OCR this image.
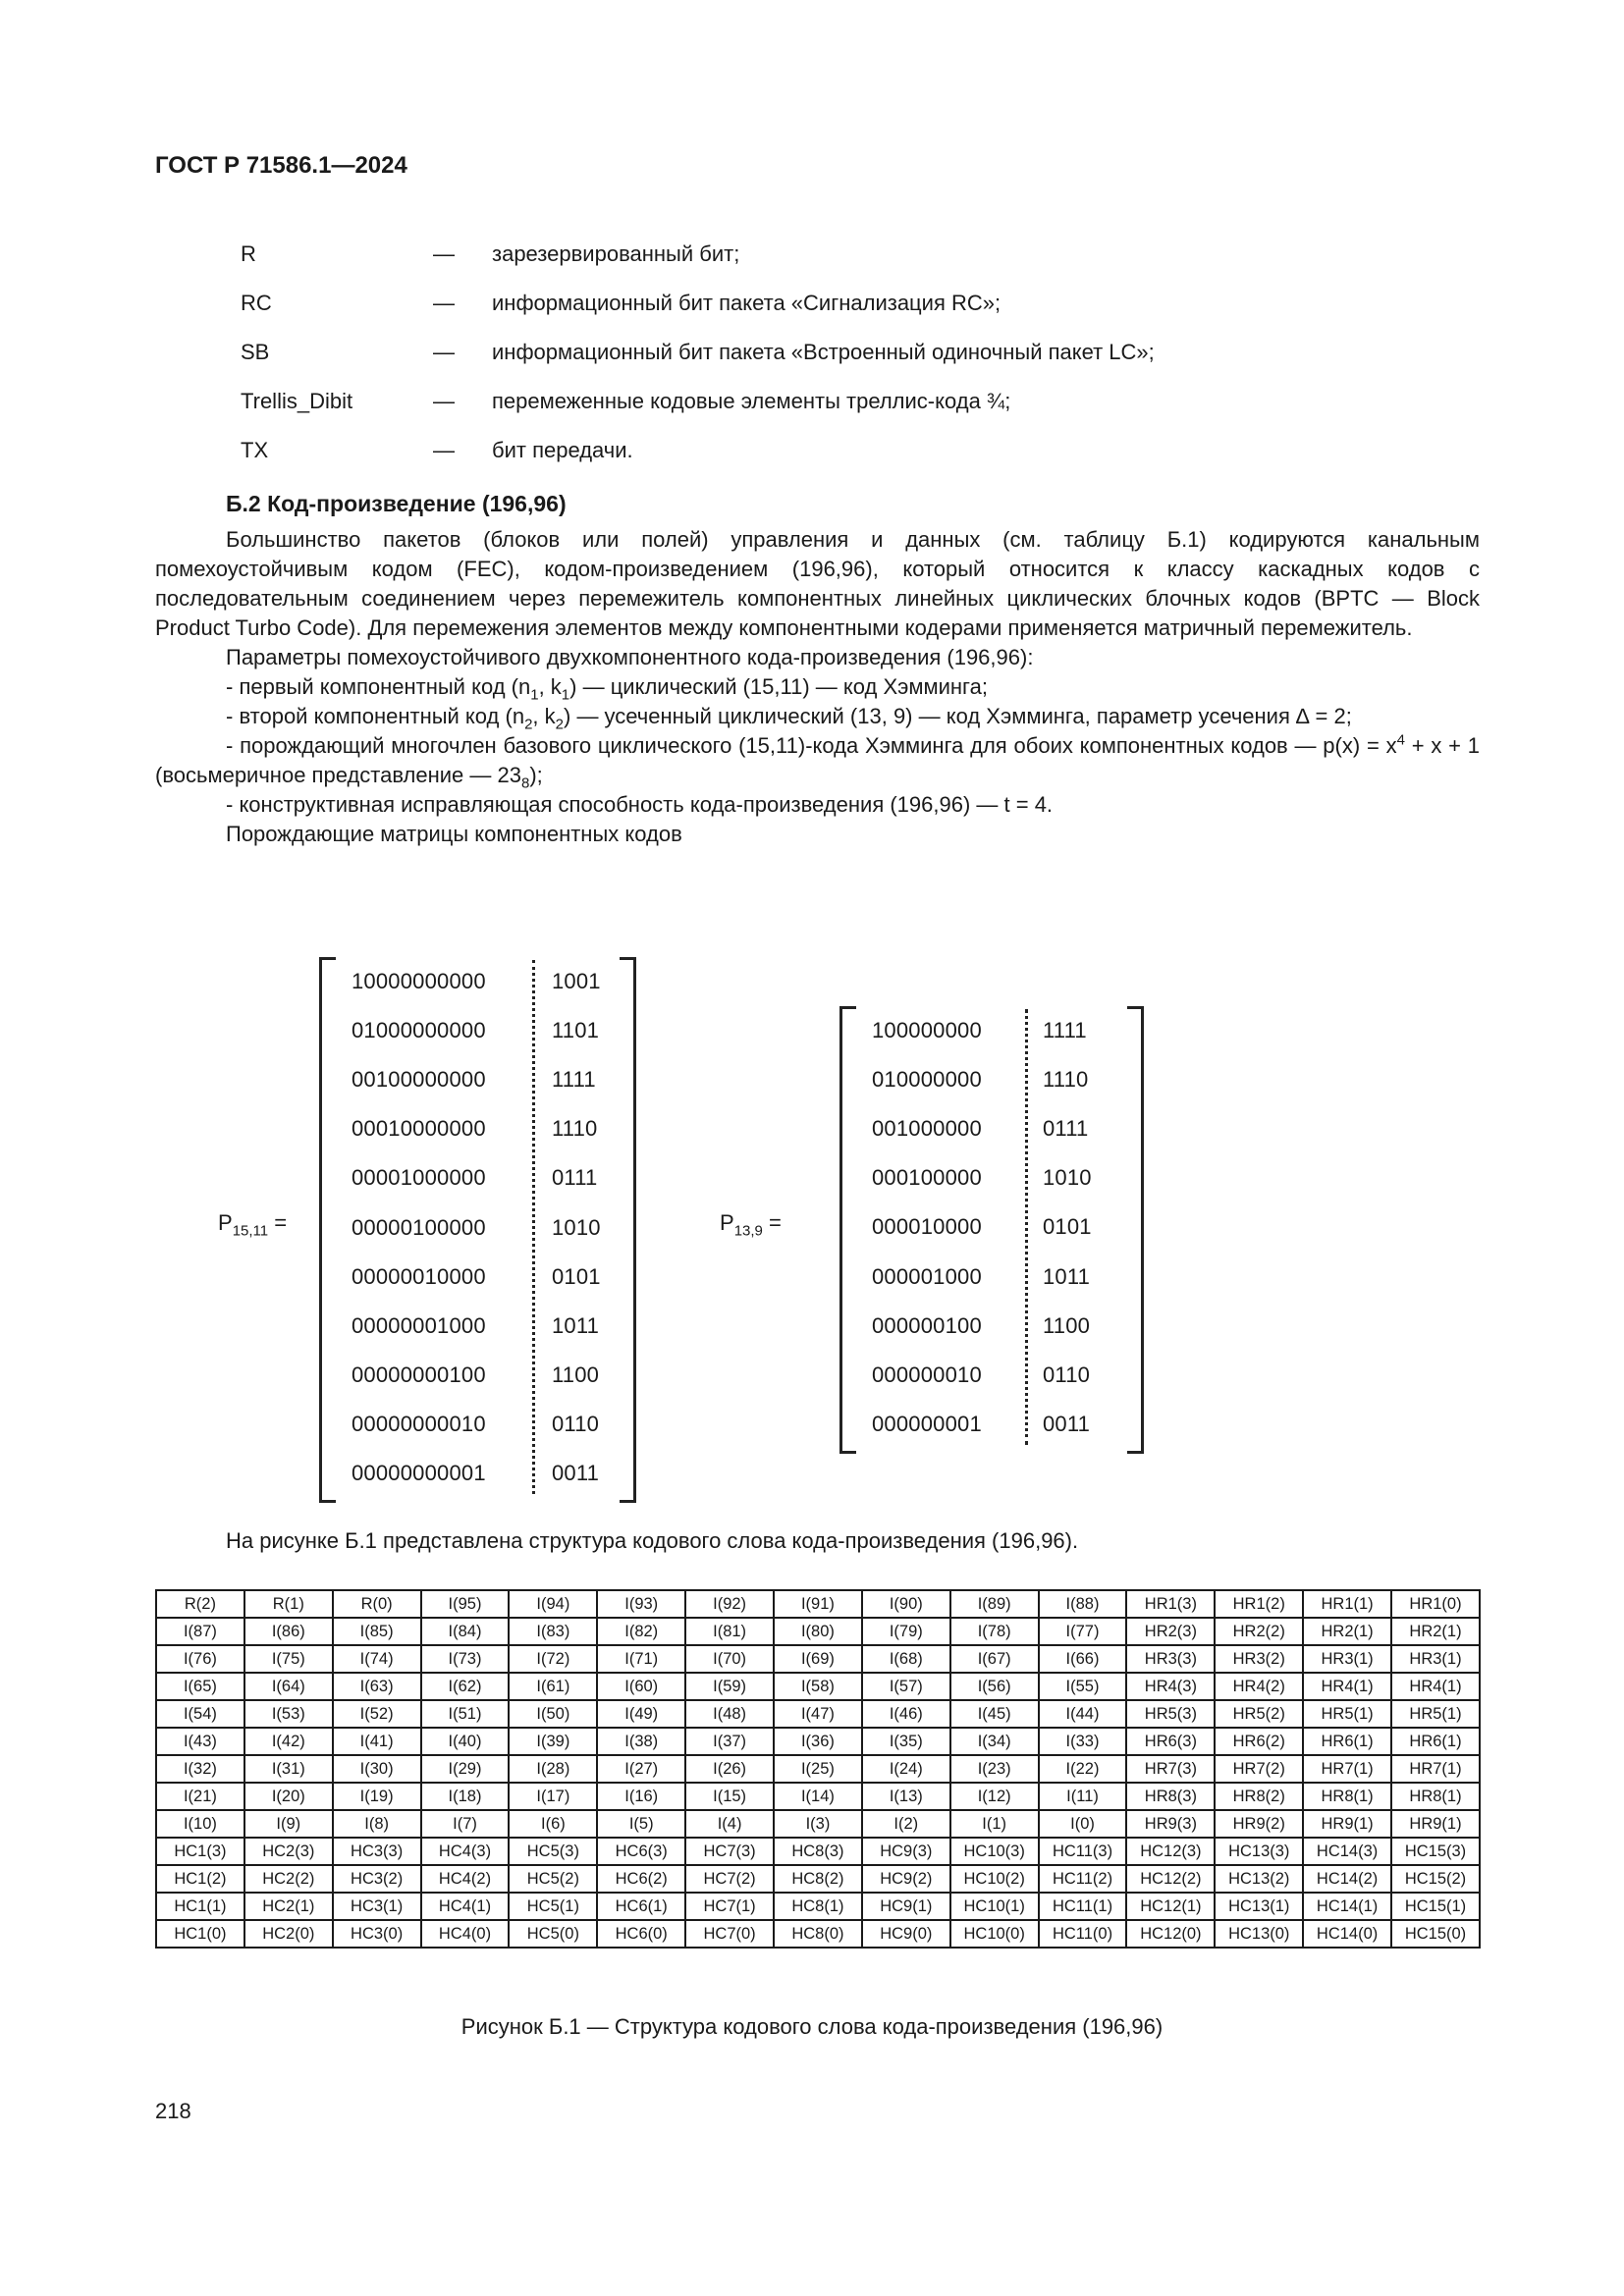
ГОСТ Р 71586.1—2024
R	— зарезервированный бит;
RC	— информационный бит пакета «Сигнализация RC»;
SB	— информационный бит пакета «Встроенный одиночный пакет LC»;
Trellis_Dibit	— перемеженные кодовые элементы треллис-кода ¾;
TX	— бит передачи.
Б.2 Код-произведение (196,96)

Большинство пакетов (блоков или полей) управления и данных (см. таблицу Б.1) кодируются канальным помехоустойчивым кодом (FEC), кодом-произведением (196,96), который относится к классу каскадных кодов с последовательным соединением через перемежитель компонентных линейных циклических блочных кодов (BPTC — Block Product Turbo Code). Для перемежения элементов между компонентными кодерами применяется матричный перемежитель.

Параметры помехоустойчивого двухкомпонентного кода-произведения (196,96):

- первый компонентный код ($n_1$, $k_1$) — циклический (15,11) — код Хэмминга;

- второй компонентный код ($n_2$, $k_2$) — усеченный циклический (13, 9) — код Хэмминга, параметр усечения ∆ = 2;

- порождающий многочлен базового циклического (15,11)-кода Хэмминга для обоих компонентных кодов — $p(x) = x^4 + x + 1$ (восьмеричное представление — $23_8$);

- конструктивная исправляющая способность кода-произведения (196,96) — t = 4.

Порождающие матрицы компонентных кодов

$P_{15,11}$ =
10000000000	1001
01000000000	1101
00100000000	1111
00010000000	1110
00001000000	0111
00000100000	1010
00000010000	0101
00000001000	1011
00000000100	1100
00000000010	0110
00000000001	0011
$P_{13,9}$ =
100000000	1111
010000000	1110
001000000	0111
000100000	1010
000010000	0101
000001000	1011
000000100	1100
000000010	0110
000000001	0011
На рисунке Б.1 представлена структура кодового слова кода-произведения (196,96).
R(2)	R(1)	R(0)	I(95)	I(94)	I(93)	I(92)	I(91)	I(90)	I(89)	I(88)	HR1(3)	HR1(2)	HR1(1)	HR1(0)
I(87)	I(86)	I(85)	I(84)	I(83)	I(82)	I(81)	I(80)	I(79)	I(78)	I(77)	HR2(3)	HR2(2)	HR2(1)	HR2(1)
I(76)	I(75)	I(74)	I(73)	I(72)	I(71)	I(70)	I(69)	I(68)	I(67)	I(66)	HR3(3)	HR3(2)	HR3(1)	HR3(1)
I(65)	I(64)	I(63)	I(62)	I(61)	I(60)	I(59)	I(58)	I(57)	I(56)	I(55)	HR4(3)	HR4(2)	HR4(1)	HR4(1)
I(54)	I(53)	I(52)	I(51)	I(50)	I(49)	I(48)	I(47)	I(46)	I(45)	I(44)	HR5(3)	HR5(2)	HR5(1)	HR5(1)
I(43)	I(42)	I(41)	I(40)	I(39)	I(38)	I(37)	I(36)	I(35)	I(34)	I(33)	HR6(3)	HR6(2)	HR6(1)	HR6(1)
I(32)	I(31)	I(30)	I(29)	I(28)	I(27)	I(26)	I(25)	I(24)	I(23)	I(22)	HR7(3)	HR7(2)	HR7(1)	HR7(1)
I(21)	I(20)	I(19)	I(18)	I(17)	I(16)	I(15)	I(14)	I(13)	I(12)	I(11)	HR8(3)	HR8(2)	HR8(1)	HR8(1)
I(10)	I(9)	I(8)	I(7)	I(6)	I(5)	I(4)	I(3)	I(2)	I(1)	I(0)	HR9(3)	HR9(2)	HR9(1)	HR9(1)
HC1(3)	HC2(3)	HC3(3)	HC4(3)	HC5(3)	HC6(3)	HC7(3)	HC8(3)	HC9(3)	HC10(3)	HC11(3)	HC12(3)	HC13(3)	HC14(3)	HC15(3)
HC1(2)	HC2(2)	HC3(2)	HC4(2)	HC5(2)	HC6(2)	HC7(2)	HC8(2)	HC9(2)	HC10(2)	HC11(2)	HC12(2)	HC13(2)	HC14(2)	HC15(2)
HC1(1)	HC2(1)	HC3(1)	HC4(1)	HC5(1)	HC6(1)	HC7(1)	HC8(1)	HC9(1)	HC10(1)	HC11(1)	HC12(1)	HC13(1)	HC14(1)	HC15(1)
HC1(0)	HC2(0)	HC3(0)	HC4(0)	HC5(0)	HC6(0)	HC7(0)	HC8(0)	HC9(0)	HC10(0)	HC11(0)	HC12(0)	HC13(0)	HC14(0)	HC15(0)
Рисунок Б.1 — Структура кодового слова кода-произведения (196,96)
218
